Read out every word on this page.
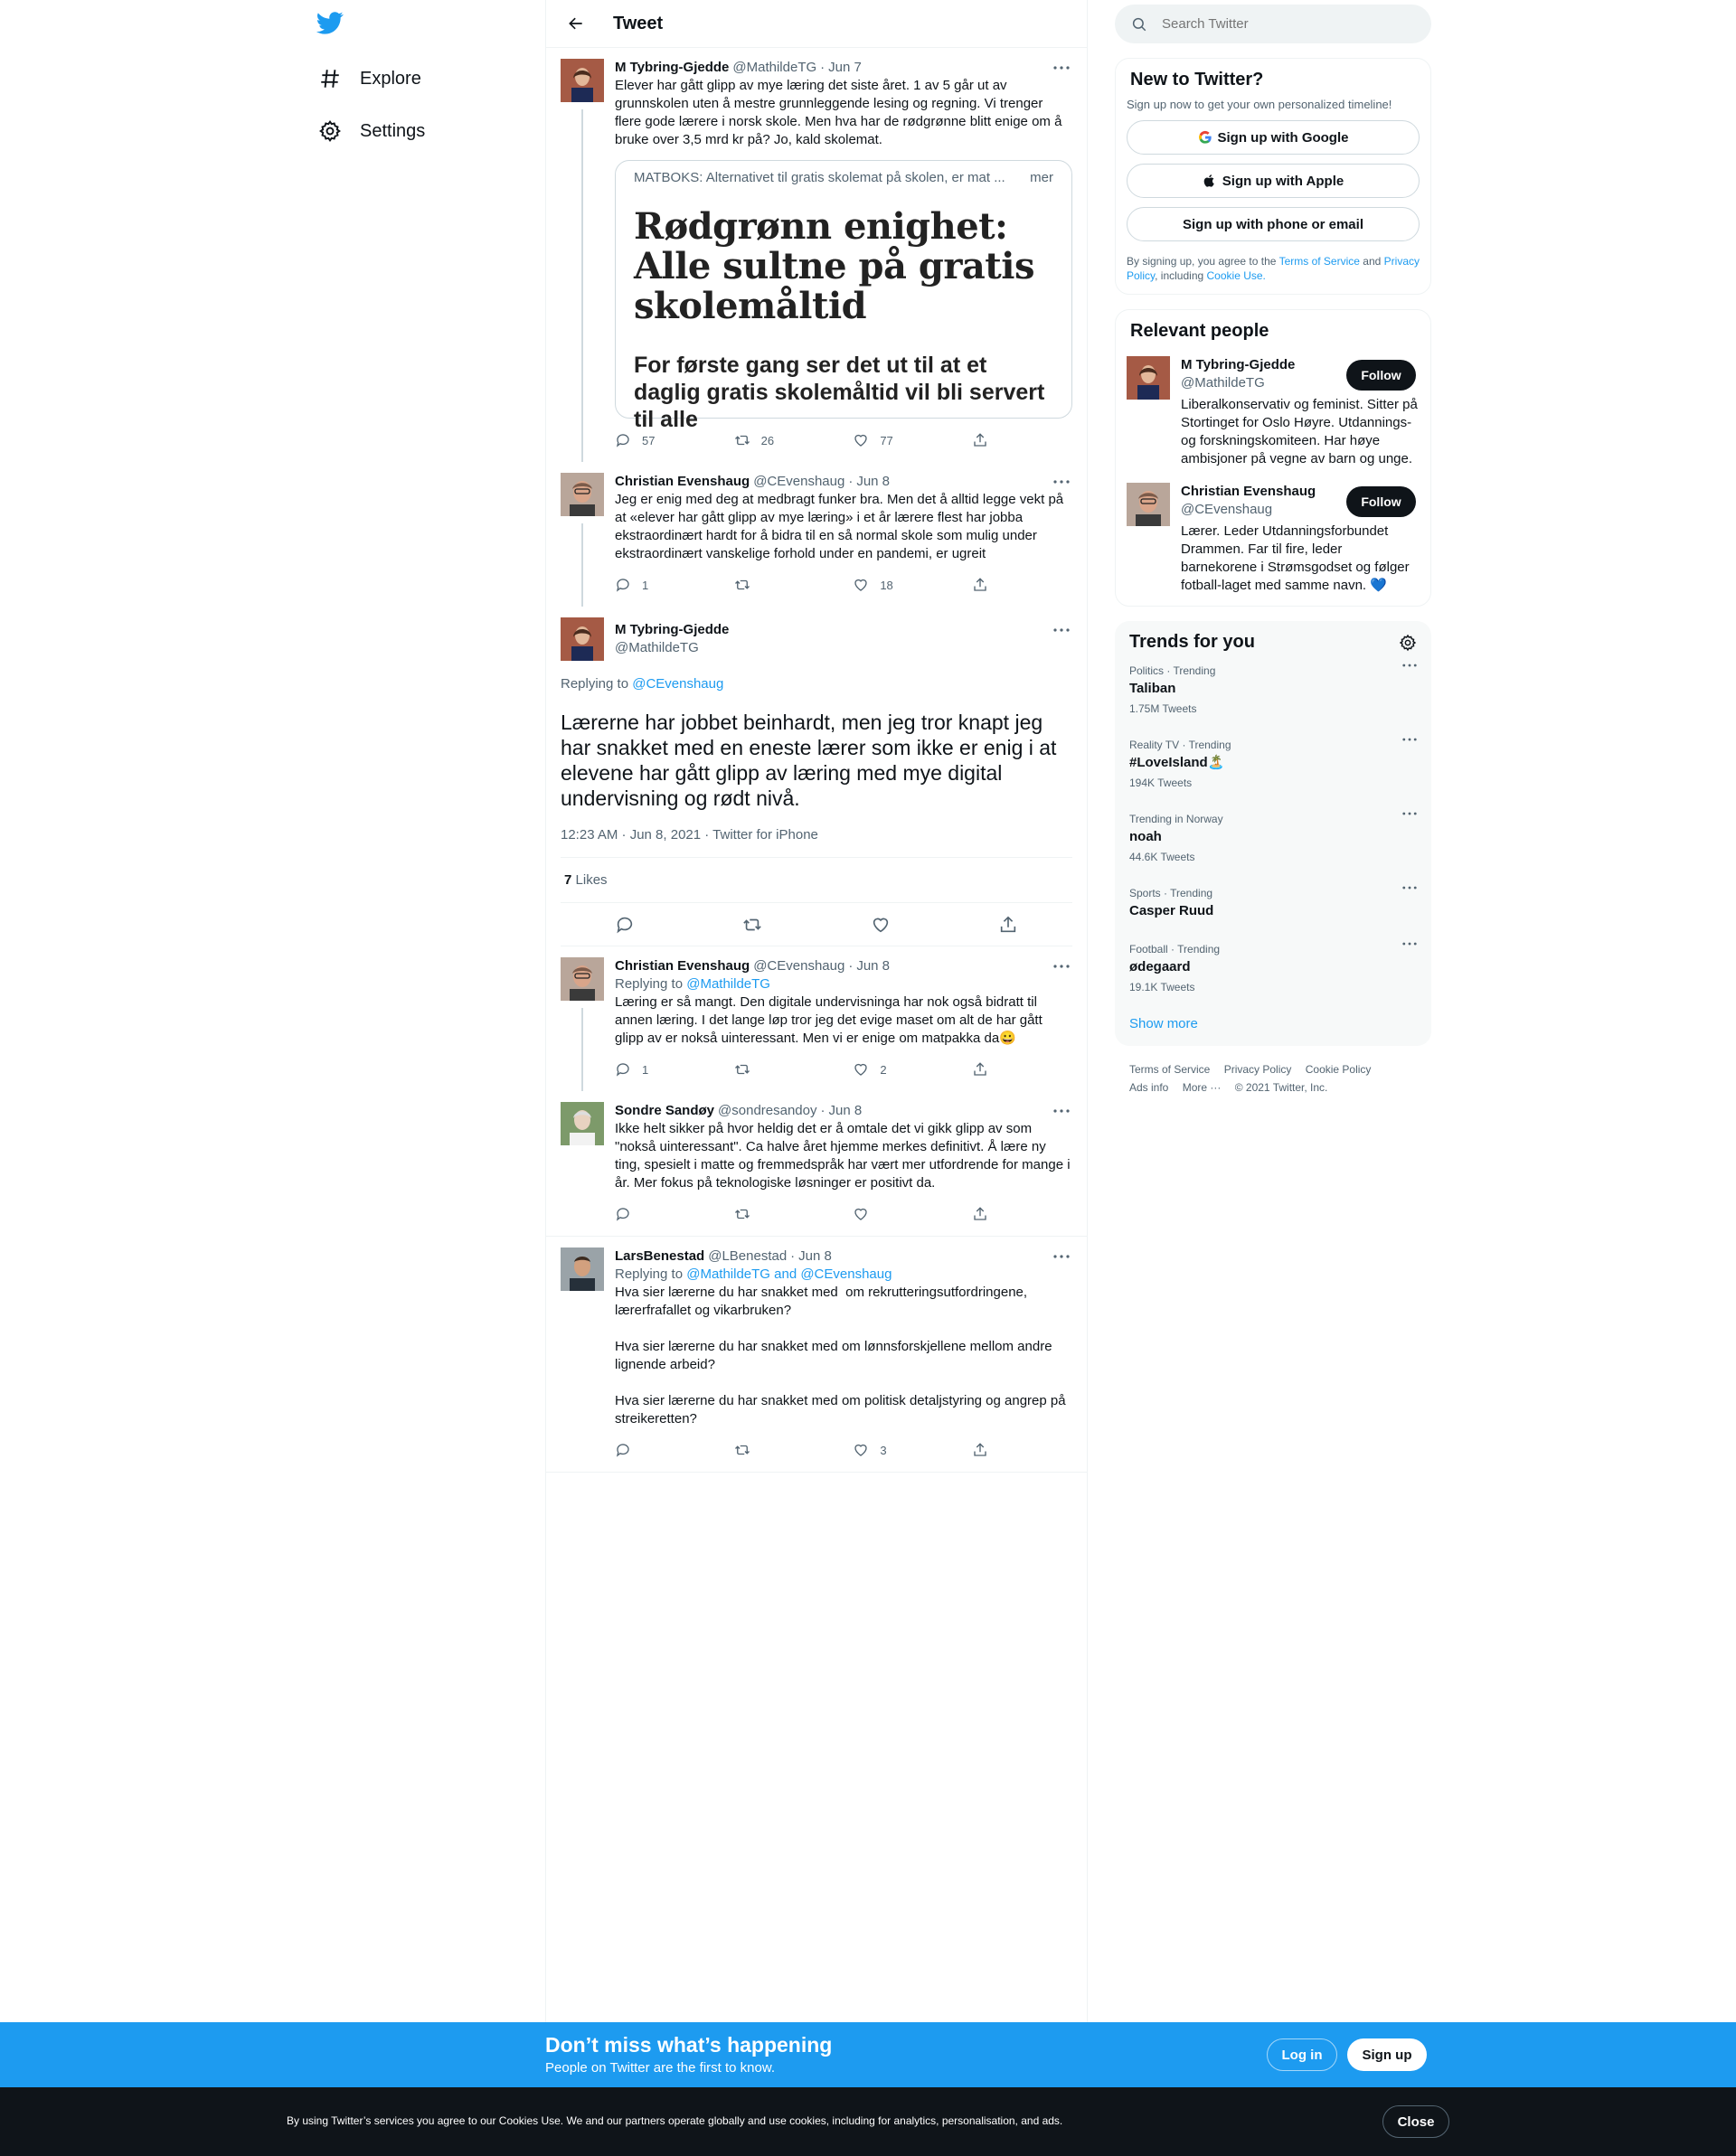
Explore
Settings
Tweet
M Tybring-Gjedde @MathildeTG · Jun 7
Elever har gått glipp av mye læring det siste året. 1 av 5 går ut av grunnskolen uten å mestre grunnleggende lesing og regning. Vi trenger flere gode lærere i norsk skole. Men hva har de rødgrønne blitt enige om å bruke over 3,5 mrd kr på? Jo, kald skolemat.
MATBOKS: Alternativet til gratis skolemat på skolen, er mat ... mer
Rødgrønn enighet: Alle sultne på gratis skolemåltid
For første gang ser det ut til at et daglig gratis skolemåltid vil bli servert til alle
57	26	77
Christian Evenshaug @CEvenshaug · Jun 8
Jeg er enig med deg at medbragt funker bra. Men det å alltid legge vekt på at «elever har gått glipp av mye læring» i et år lærere flest har jobba ekstraordinært hardt for å bidra til en så normal skole som mulig under ekstraordinært vanskelige forhold under en pandemi, er ugreit
1	18
M Tybring-Gjedde
@MathildeTG
Replying to @CEvenshaug
Lærerne har jobbet beinhardt, men jeg tror knapt jeg har snakket med en eneste lærer som ikke er enig i at elevene har gått glipp av læring med mye digital undervisning og rødt nivå.
12:23 AM · Jun 8, 2021 · Twitter for iPhone
7 Likes
Christian Evenshaug @CEvenshaug · Jun 8
Replying to @MathildeTG
Læring er så mangt. Den digitale undervisninga har nok også bidratt til annen læring. I det lange løp tror jeg det evige maset om alt de har gått glipp av er nokså uinteressant. Men vi er enige om matpakka da😀
1	2
Sondre Sandøy @sondresandoy · Jun 8
Ikke helt sikker på hvor heldig det er å omtale det vi gikk glipp av som "nokså uinteressant". Ca halve året hjemme merkes definitivt. Å lære ny ting, spesielt i matte og fremmedspråk har vært mer utfordrende for mange i år. Mer fokus på teknologiske løsninger er positivt da.
LarsBenestad @LBenestad · Jun 8
Replying to @MathildeTG and @CEvenshaug
Hva sier lærerne du har snakket med  om rekrutteringsutfordringene, lærerfrafallet og vikarbruken?

Hva sier lærerne du har snakket med om lønnsforskjellene mellom andre lignende arbeid?

Hva sier lærerne du har snakket med om politisk detaljstyring og angrep på streikeretten?
3
Search Twitter
New to Twitter?
Sign up now to get your own personalized timeline!
Sign up with Google
Sign up with Apple
Sign up with phone or email
By signing up, you agree to the Terms of Service and Privacy Policy, including Cookie Use.
Relevant people
M Tybring-Gjedde
@MathildeTG
Liberalkonservativ og feminist. Sitter på Stortinget for Oslo Høyre. Utdannings- og forskningskomiteen. Har høye ambisjoner på vegne av barn og unge.
Follow
Christian Evenshaug
@CEvenshaug
Lærer. Leder Utdanningsforbundet Drammen. Far til fire, leder barnekorene i Strømsgodset og følger fotball-laget med samme navn. 💙
Follow
Trends for you
Politics · Trending
Taliban
1.75M Tweets
Reality TV · Trending
#LoveIsland🏝️
194K Tweets
Trending in Norway
noah
44.6K Tweets
Sports · Trending
Casper Ruud
Football · Trending
ødegaard
19.1K Tweets
Show more
Terms of Service Privacy Policy Cookie Policy
Ads info More ··· © 2021 Twitter, Inc.
Don’t miss what’s happening
People on Twitter are the first to know.
Log in	Sign up
By using Twitter’s services you agree to our Cookies Use. We and our partners operate globally and use cookies, including for analytics, personalisation, and ads.	Close
